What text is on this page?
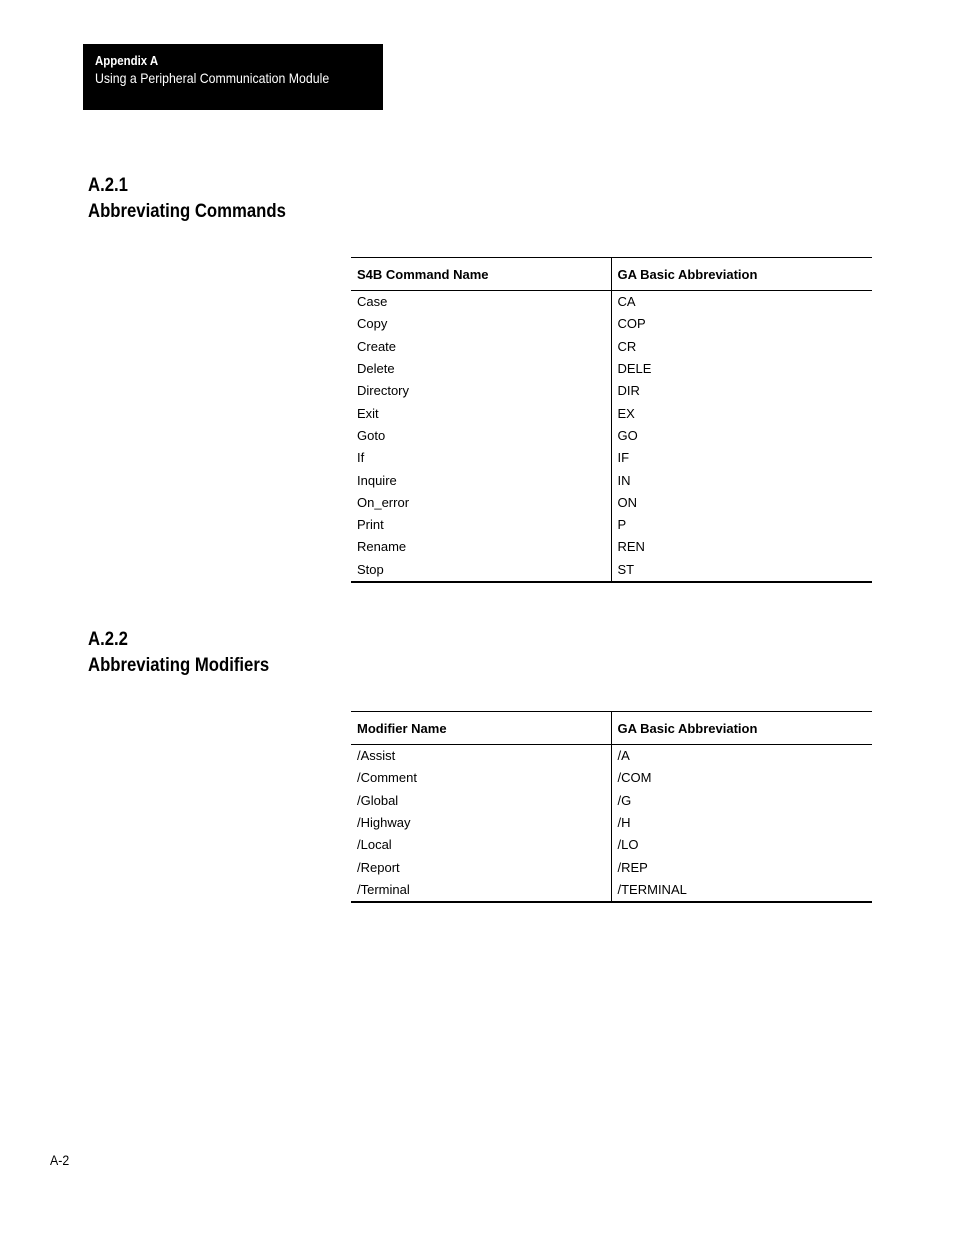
Appendix A
Using a Peripheral Communication Module
A.2.1
Abbreviating Commands
S4B Command Name	GA Basic Abbreviation
Case	CA
Copy	COP
Create	CR
Delete	DELE
Directory	DIR
Exit	EX
Goto	GO
If	IF
Inquire	IN
On_error	ON
Print	P
Rename	REN
Stop	ST
A.2.2
Abbreviating Modifiers
Modifier Name	GA Basic Abbreviation
/Assist	/A
/Comment	/COM
/Global	/G
/Highway	/H
/Local	/LO
/Report	/REP
/Terminal	/TERMINAL
A-2
